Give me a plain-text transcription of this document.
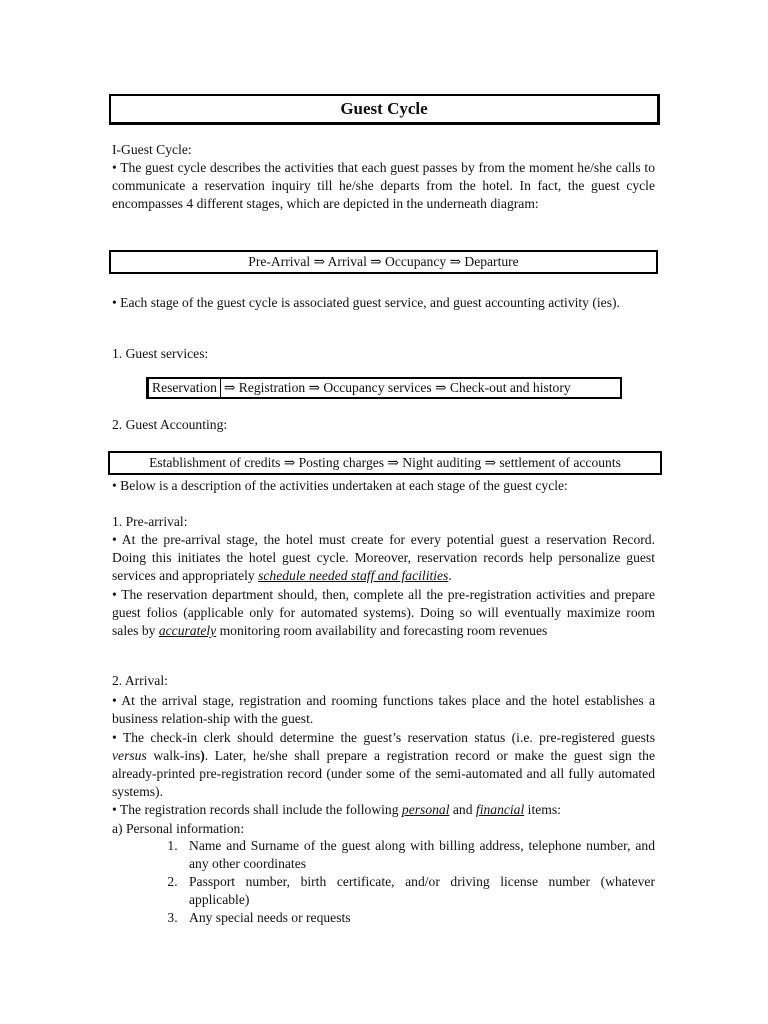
Guest Cycle
I-Guest Cycle:
• The guest cycle describes the activities that each guest passes by from the moment he/she calls to communicate a reservation inquiry till he/she departs from the hotel. In fact, the guest cycle encompasses 4 different stages, which are depicted in the underneath diagram:
Pre-Arrival ⇒ Arrival ⇒ Occupancy ⇒ Departure
• Each stage of the guest cycle is associated guest service, and guest accounting activity (ies).
1. Guest services:
Reservation ⇒ Registration ⇒ Occupancy services ⇒ Check-out and history
2. Guest Accounting:
Establishment of credits ⇒ Posting charges ⇒ Night auditing ⇒ settlement of accounts
• Below is a description of the activities undertaken at each stage of the guest cycle:
1. Pre-arrival:
• At the pre-arrival stage, the hotel must create for every potential guest a reservation Record. Doing this initiates the hotel guest cycle. Moreover, reservation records help personalize guest services and appropriately schedule needed staff and facilities.
• The reservation department should, then, complete all the pre-registration activities and prepare guest folios (applicable only for automated systems). Doing so will eventually maximize room sales by accurately monitoring room availability and forecasting room revenues
2. Arrival:
• At the arrival stage, registration and rooming functions takes place and the hotel establishes a business relation-ship with the guest.
• The check-in clerk should determine the guest’s reservation status (i.e. pre-registered guests versus walk-ins). Later, he/she shall prepare a registration record or make the guest sign the already-printed pre-registration record (under some of the semi-automated and all fully automated systems).
• The registration records shall include the following personal and financial items:
a) Personal information:
1. Name and Surname of the guest along with billing address, telephone number, and any other coordinates
2. Passport number, birth certificate, and/or driving license number (whatever applicable)
3. Any special needs or requests
